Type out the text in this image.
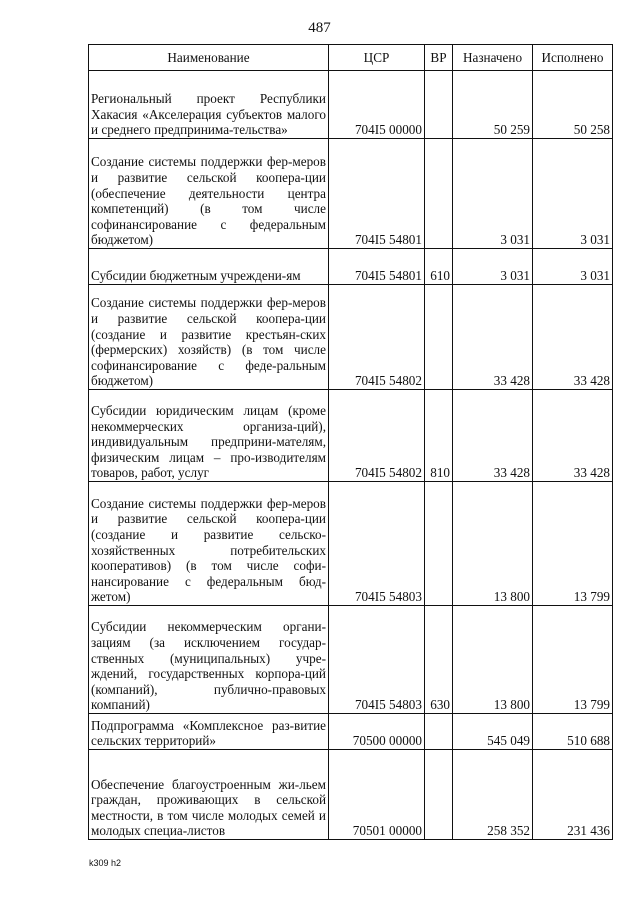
487
Наименование	ЦСР	ВР	Назначено	Исполнено
Региональный проект Республики Хакасия «Акселерация субъектов малого и среднего предпринима-тельства»	704I5 00000		50 259	50 258
Создание системы поддержки фер-меров и развитие сельской коопера-ции (обеспечение деятельности центра компетенций) (в том числе софинансирование с федеральным бюджетом)	704I5 54801		3 031	3 031
Субсидии бюджетным учреждени-ям	704I5 54801	610	3 031	3 031
Создание системы поддержки фер-меров и развитие сельской коопера-ции (создание и развитие крестьян-ских (фермерских) хозяйств) (в том числе софинансирование с феде-ральным бюджетом)	704I5 54802		33 428	33 428
Субсидии юридическим лицам (кроме некоммерческих организа-ций), индивидуальным предприни-мателям, физическим лицам – про-изводителям товаров, работ, услуг	704I5 54802	810	33 428	33 428
Создание системы поддержки фер-меров и развитие сельской коопера-ции (создание и развитие сельско-хозяйственных потребительских кооперативов) (в том числе софи-нансирование с федеральным бюд-жетом)	704I5 54803		13 800	13 799
Субсидии некоммерческим органи-зациям (за исключением государ-ственных (муниципальных) учре-ждений, государственных корпора-ций (компаний), публично-правовых компаний)	704I5 54803	630	13 800	13 799
Подпрограмма «Комплексное раз-витие сельских территорий»	70500 00000		545 049	510 688
Обеспечение благоустроенным жи-льем граждан, проживающих в сельской местности, в том числе молодых семей и молодых специа-листов	70501 00000		258 352	231 436
k309 h2
